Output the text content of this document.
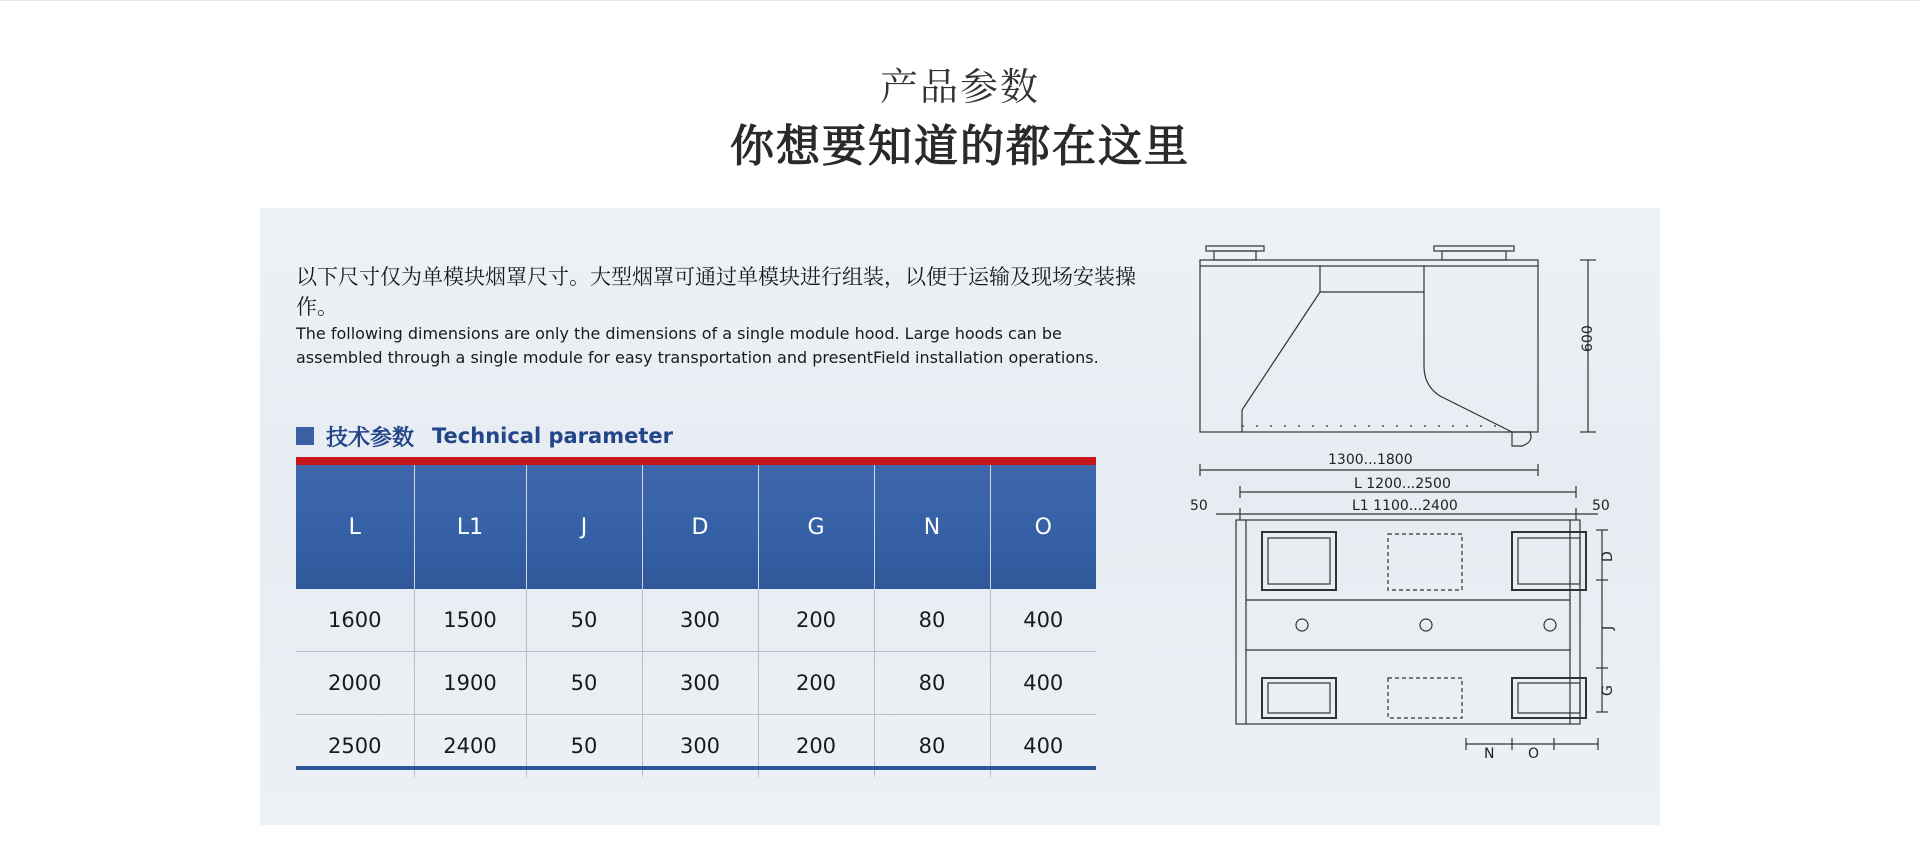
产品参数
你想要知道的都在这里
以下尺寸仅为单模块烟罩尺寸。大型烟罩可通过单模块进行组装，以便于运输及现场安装操作。
The following dimensions are only the dimensions of a single module hood. Large hoods can be assembled through a single module for easy transportation and presentField installation operations.
技术参数 Technical parameter
L	L1	J	D	G	N	O
1600	1500	50	300	200	80	400
2000	1900	50	300	200	80	400
2500	2400	50	300	200	80	400
600
1300...1800
L 1200...2500
L1 1100...2400
50	50
D
J
G
N O
